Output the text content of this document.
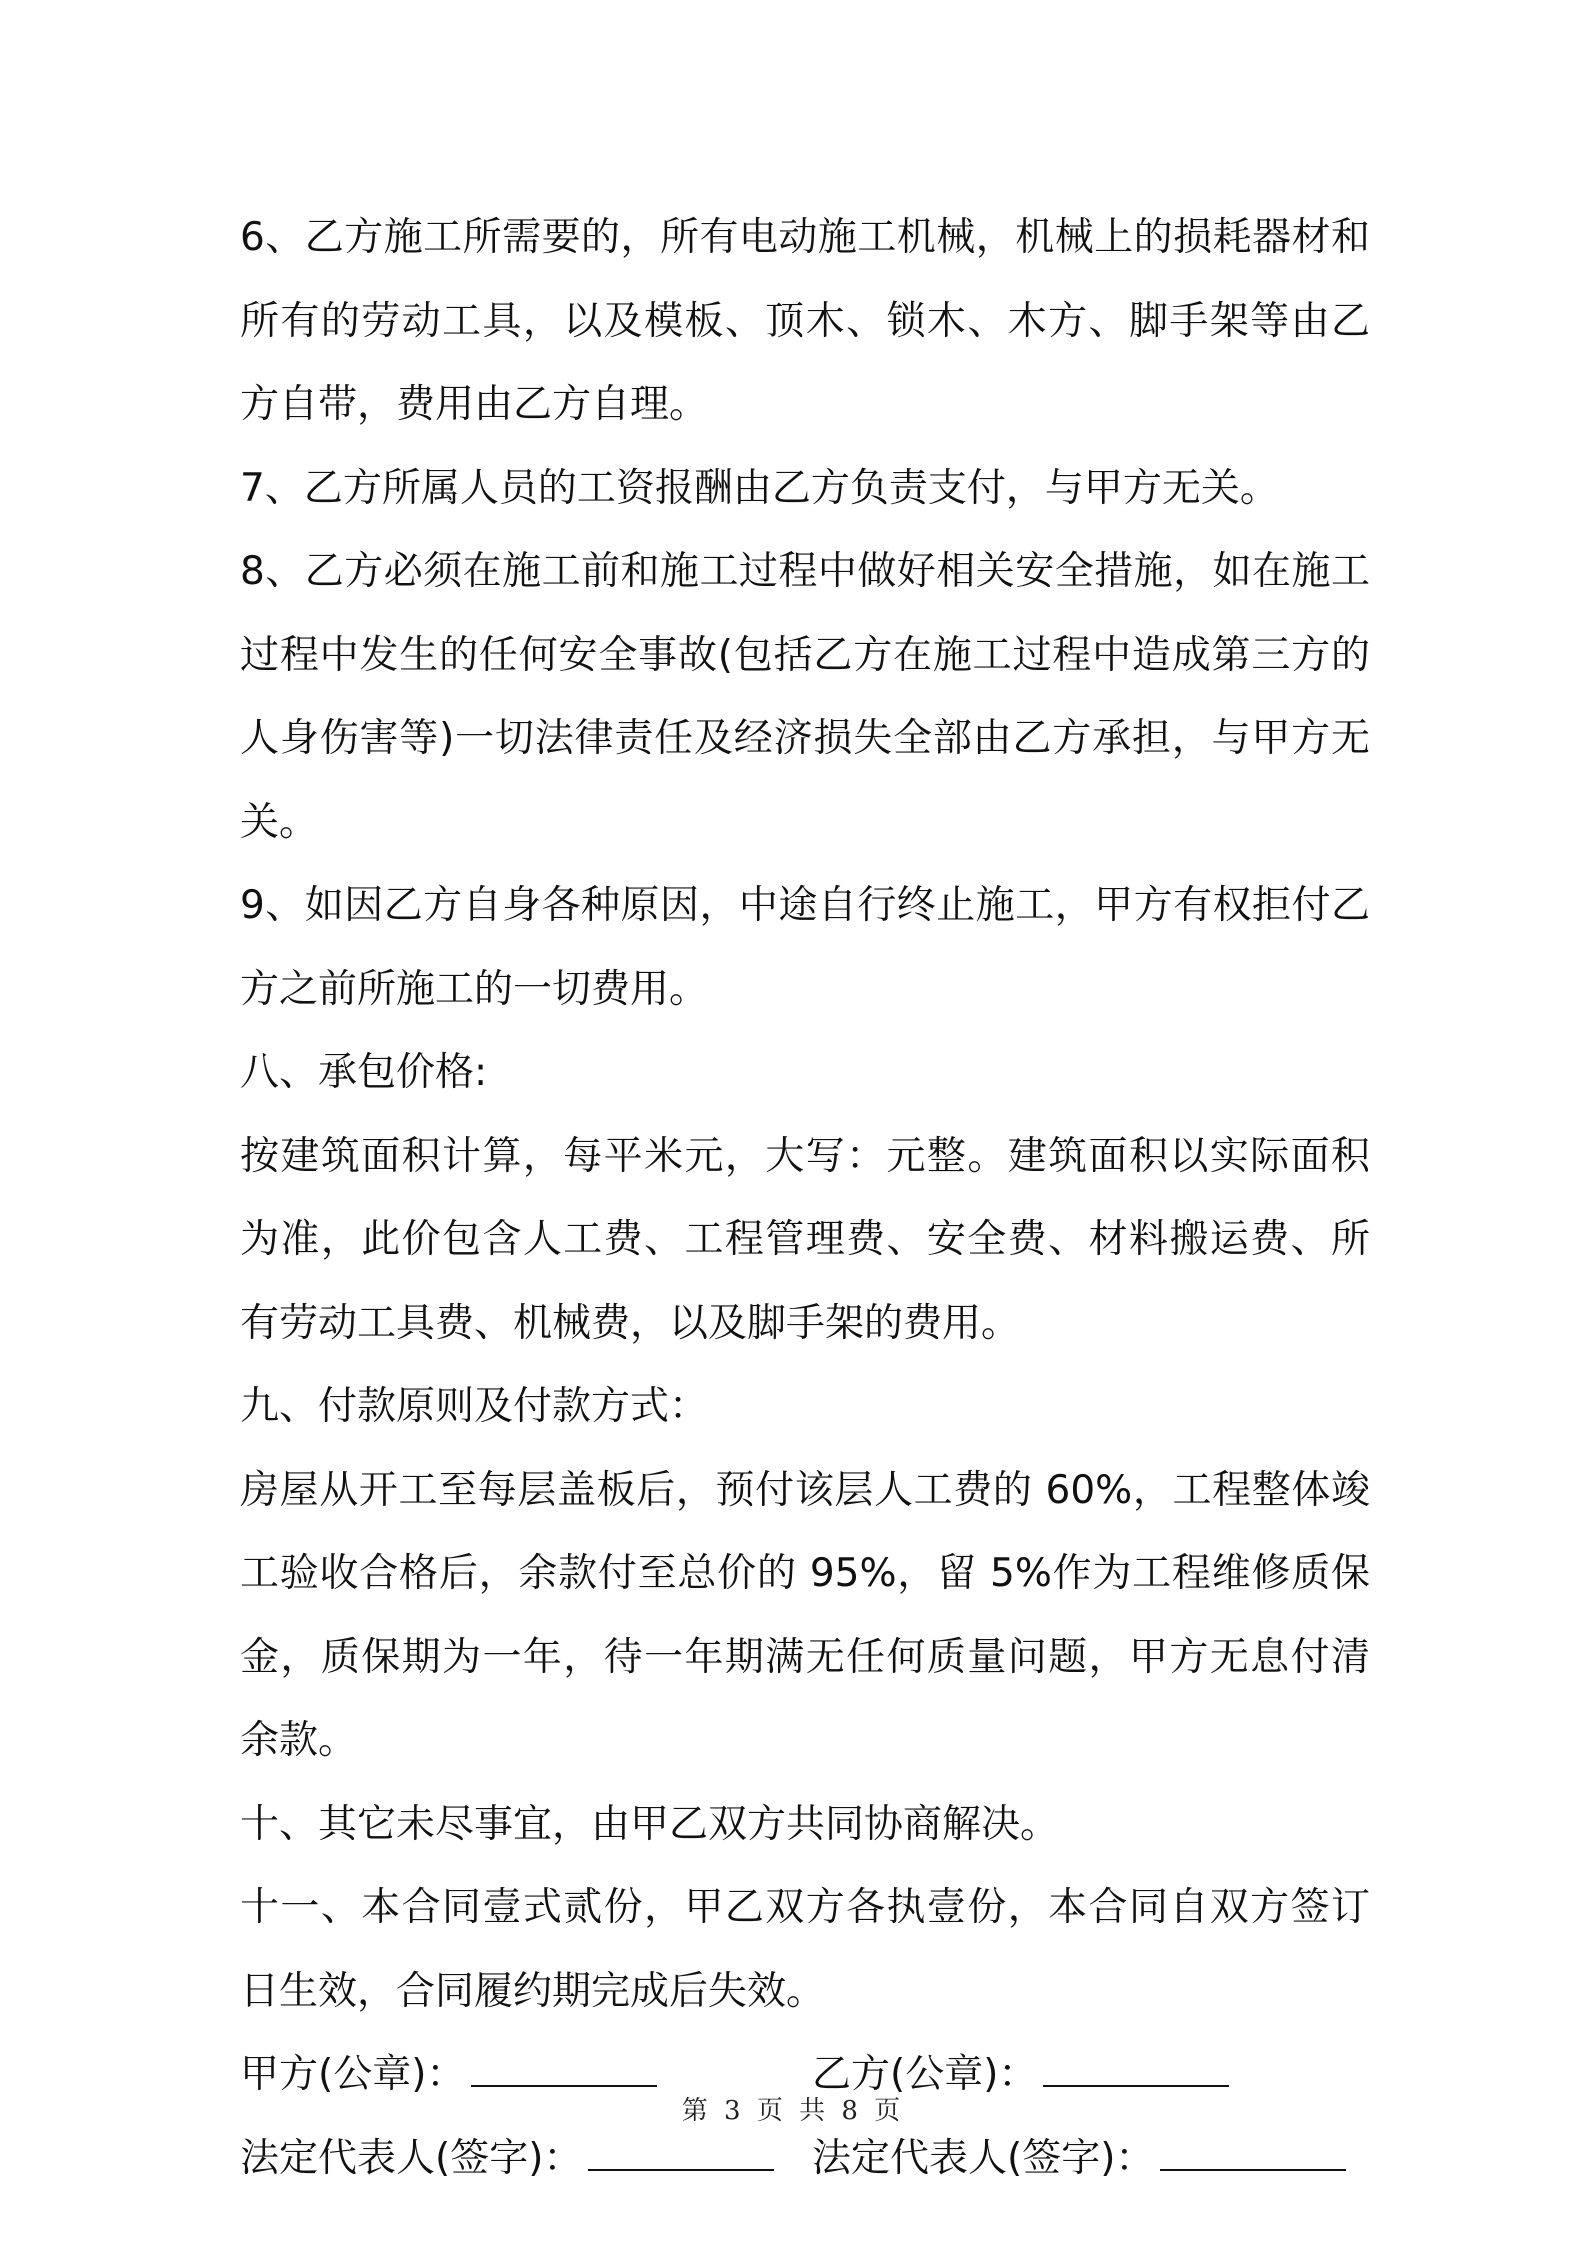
6、乙方施工所需要的，所有电动施工机械，机械上的损耗器材和所有的劳动工具，以及模板、顶木、锁木、木方、脚手架等由乙方自带，费用由乙方自理。

7、乙方所属人员的工资报酬由乙方负责支付，与甲方无关。

8、乙方必须在施工前和施工过程中做好相关安全措施，如在施工过程中发生的任何安全事故(包括乙方在施工过程中造成第三方的人身伤害等)一切法律责任及经济损失全部由乙方承担，与甲方无关。

9、如因乙方自身各种原因，中途自行终止施工，甲方有权拒付乙方之前所施工的一切费用。

八、承包价格:

按建筑面积计算，每平米元，大写：元整。建筑面积以实际面积为准，此价包含人工费、工程管理费、安全费、材料搬运费、所有劳动工具费、机械费，以及脚手架的费用。

九、付款原则及付款方式：

房屋从开工至每层盖板后，预付该层人工费的 60%，工程整体竣工验收合格后，余款付至总价的 95%，留 5%作为工程维修质保金，质保期为一年，待一年期满无任何质量问题，甲方无息付清余款。

十、其它未尽事宜，由甲乙双方共同协商解决。

十一、本合同壹式贰份，甲乙双方各执壹份，本合同自双方签订日生效，合同履约期完成后失效。

甲方(公章)：	乙方(公章)：
法定代表人(签字)：	法定代表人(签字)：
第 3 页 共 8 页
